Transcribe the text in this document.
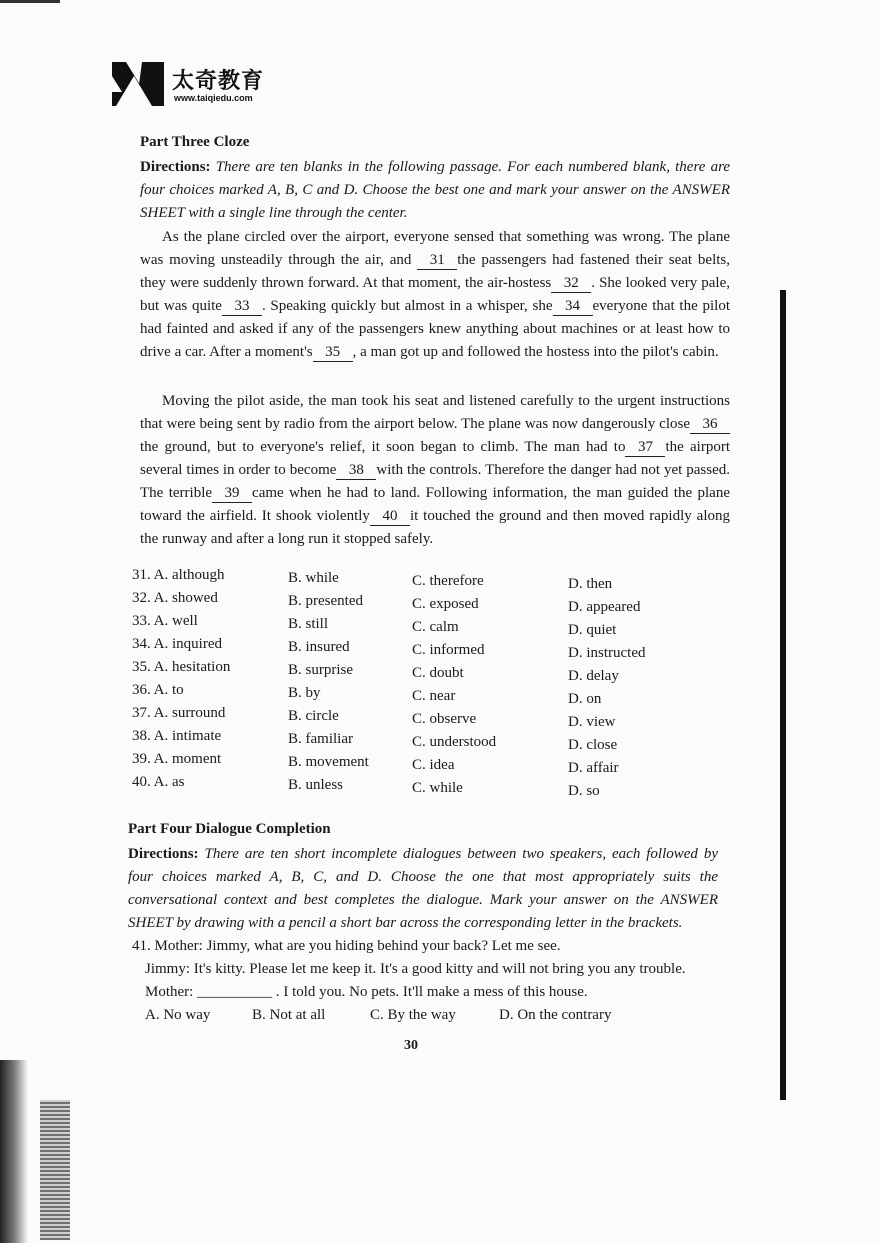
太奇教育
www.taiqiedu.com
Part Three Cloze
Directions: There are ten blanks in the following passage. For each numbered blank, there are four choices marked A, B, C and D. Choose the best one and mark your answer on the ANSWER SHEET with a single line through the center.
As the plane circled over the airport, everyone sensed that something was wrong. The plane was moving unsteadily through the air, and 31 the passengers had fastened their seat belts, they were suddenly thrown forward. At that moment, the air-hostess 32 . She looked very pale, but was quite 33 . Speaking quickly but almost in a whisper, she 34 everyone that the pilot had fainted and asked if any of the passengers knew anything about machines or at least how to drive a car. After a moment's 35 , a man got up and followed the hostess into the pilot's cabin.
Moving the pilot aside, the man took his seat and listened carefully to the urgent instructions that were being sent by radio from the airport below. The plane was now dangerously close 36the ground, but to everyone's relief, it soon began to climb. The man had to 37 the airport several times in order to become 38 with the controls. Therefore the danger had not yet passed. The terrible 39 came when he had to land. Following information, the man guided the plane toward the airfield. It shook violently 40 it touched the ground and then moved rapidly along the runway and after a long run it stopped safely.
31. A. although	B. while	C. therefore	D. then
32. A. showed	B. presented	C. exposed	D. appeared
33. A. well	B. still	C. calm	D. quiet
34. A. inquired	B. insured	C. informed	D. instructed
35. A. hesitation	B. surprise	C. doubt	D. delay
36. A. to	B. by	C. near	D. on
37. A. surround	B. circle	C. observe	D. view
38. A. intimate	B. familiar	C. understood	D. close
39. A. moment	B. movement	C. idea	D. affair
40. A. as	B. unless	C. while	D. so
Part Four Dialogue Completion
Directions: There are ten short incomplete dialogues between two speakers, each followed by four choices marked A, B, C, and D. Choose the one that most appropriately suits the conversational context and best completes the dialogue. Mark your answer on the ANSWER SHEET by drawing with a pencil a short bar across the corresponding letter in the brackets.
41. Mother: Jimmy, what are you hiding behind your back? Let me see.
Jimmy: It's kitty. Please let me keep it. It's a good kitty and will not bring you any trouble.
Mother: __________ . I told you. No pets. It'll make a mess of this house.
A. No way	B. Not at all	C. By the way	D. On the contrary
30
